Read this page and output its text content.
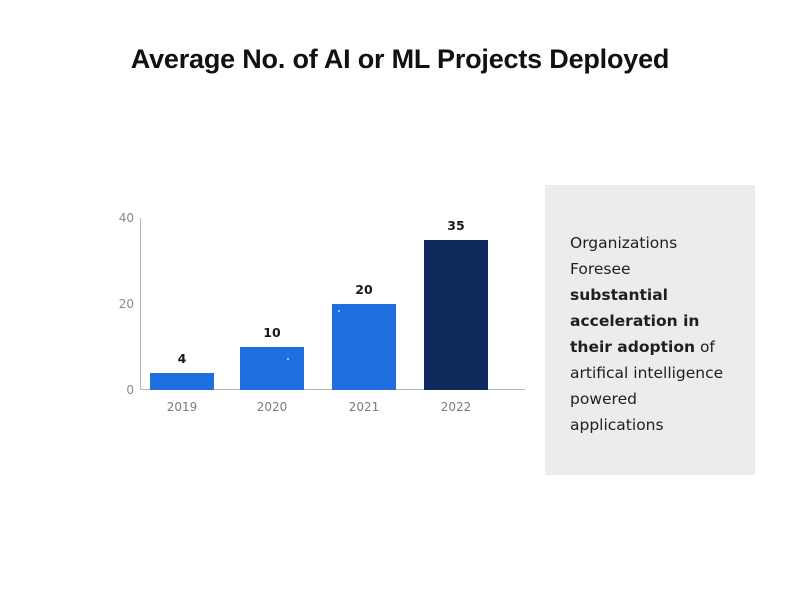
Average No. of AI or ML Projects Deployed
40
20
0
4
10
20
35
2019	2020	2021	2022
Organizations
Foresee
substantial acceleration in their adoption of
artifical intelligence
powered
applications
